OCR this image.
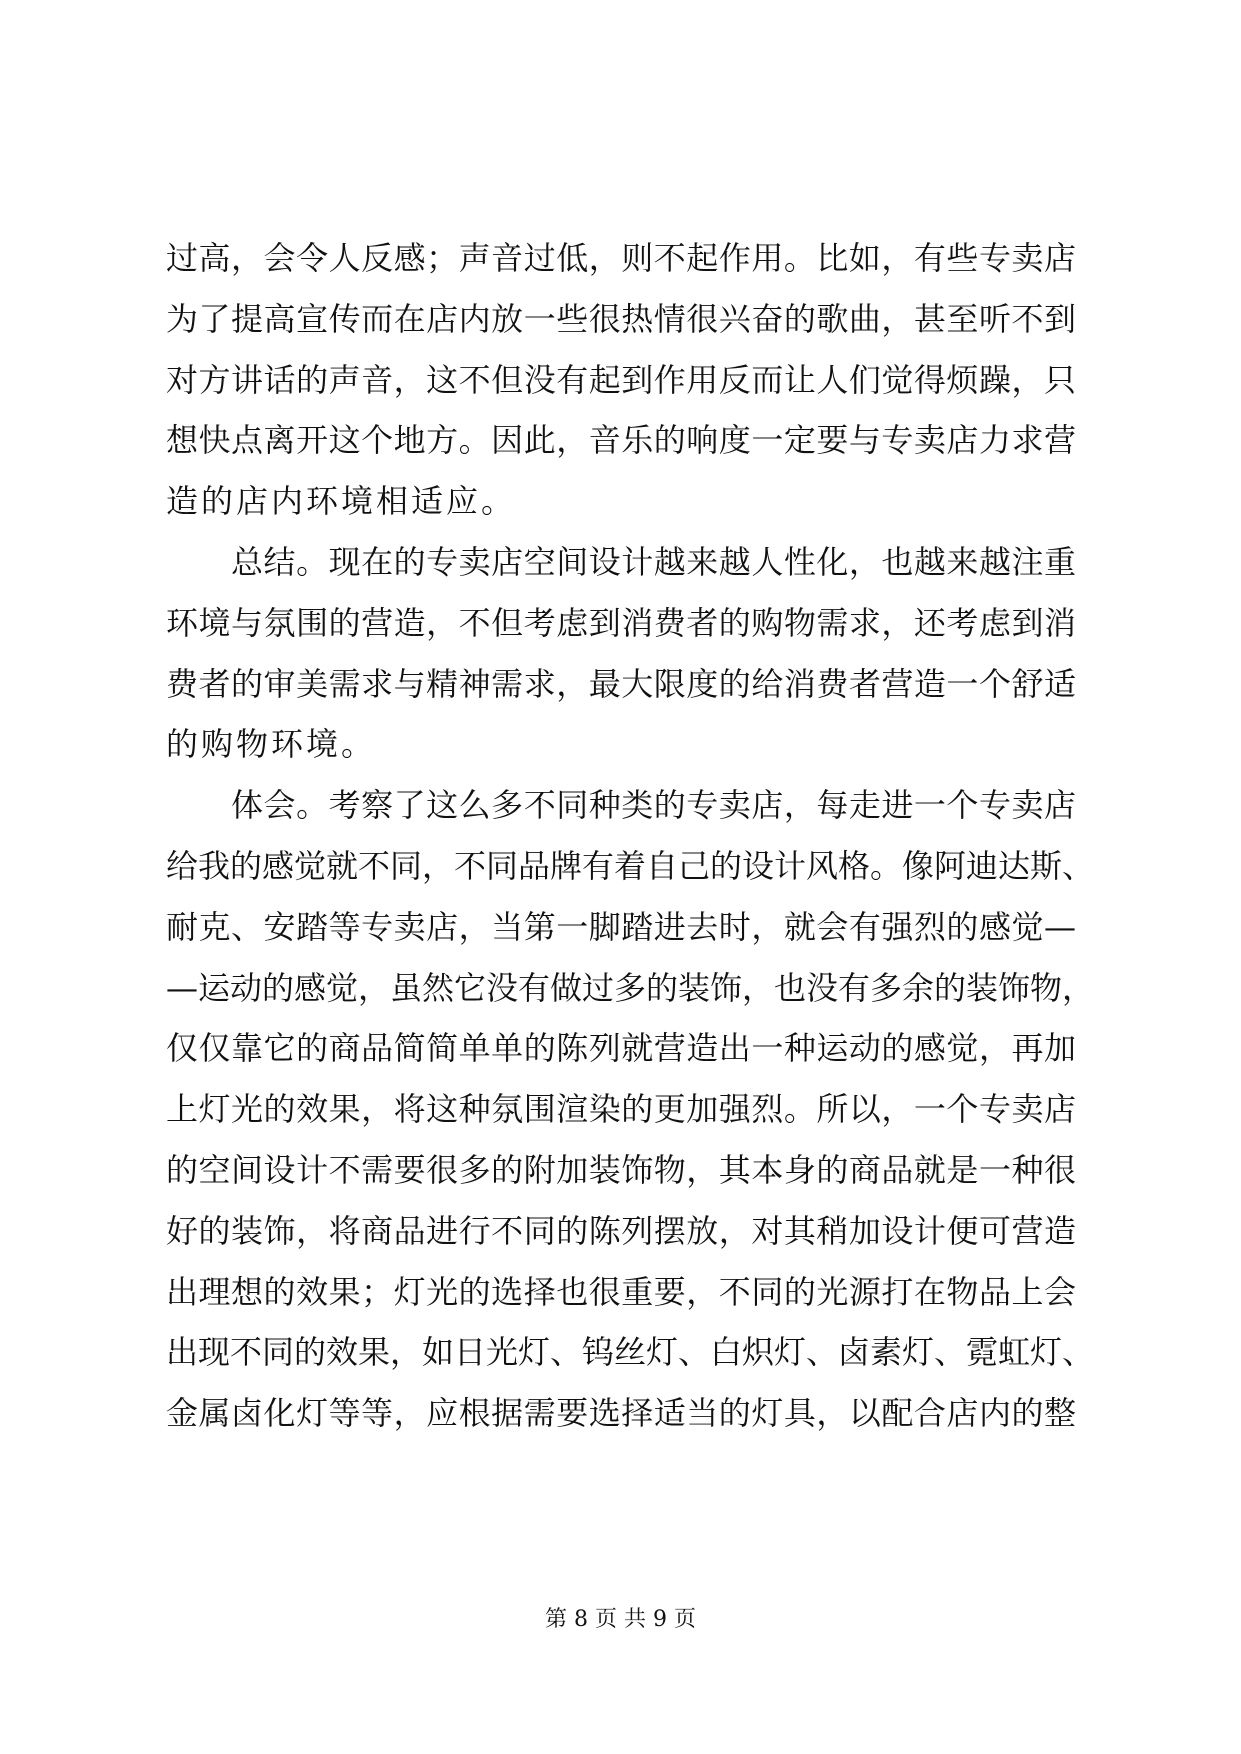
过高，会令人反感；声音过低，则不起作用。比如，有些专卖店
为了提高宣传而在店内放一些很热情很兴奋的歌曲，甚至听不到
对方讲话的声音，这不但没有起到作用反而让人们觉得烦躁，只
想快点离开这个地方。因此，音乐的响度一定要与专卖店力求营
造的店内环境相适应。
　　总结。现在的专卖店空间设计越来越人性化，也越来越注重
环境与氛围的营造，不但考虑到消费者的购物需求，还考虑到消
费者的审美需求与精神需求，最大限度的给消费者营造一个舒适
的购物环境。
　　体会。考察了这么多不同种类的专卖店，每走进一个专卖店
给我的感觉就不同，不同品牌有着自己的设计风格。像阿迪达斯、
耐克、安踏等专卖店，当第一脚踏进去时，就会有强烈的感觉—
—运动的感觉，虽然它没有做过多的装饰，也没有多余的装饰物，
仅仅靠它的商品简简单单的陈列就营造出一种运动的感觉，再加
上灯光的效果，将这种氛围渲染的更加强烈。所以，一个专卖店
的空间设计不需要很多的附加装饰物，其本身的商品就是一种很
好的装饰，将商品进行不同的陈列摆放，对其稍加设计便可营造
出理想的效果；灯光的选择也很重要，不同的光源打在物品上会
出现不同的效果，如日光灯、钨丝灯、白炽灯、卤素灯、霓虹灯、
金属卤化灯等等，应根据需要选择适当的灯具，以配合店内的整
第 8 页 共 9 页
